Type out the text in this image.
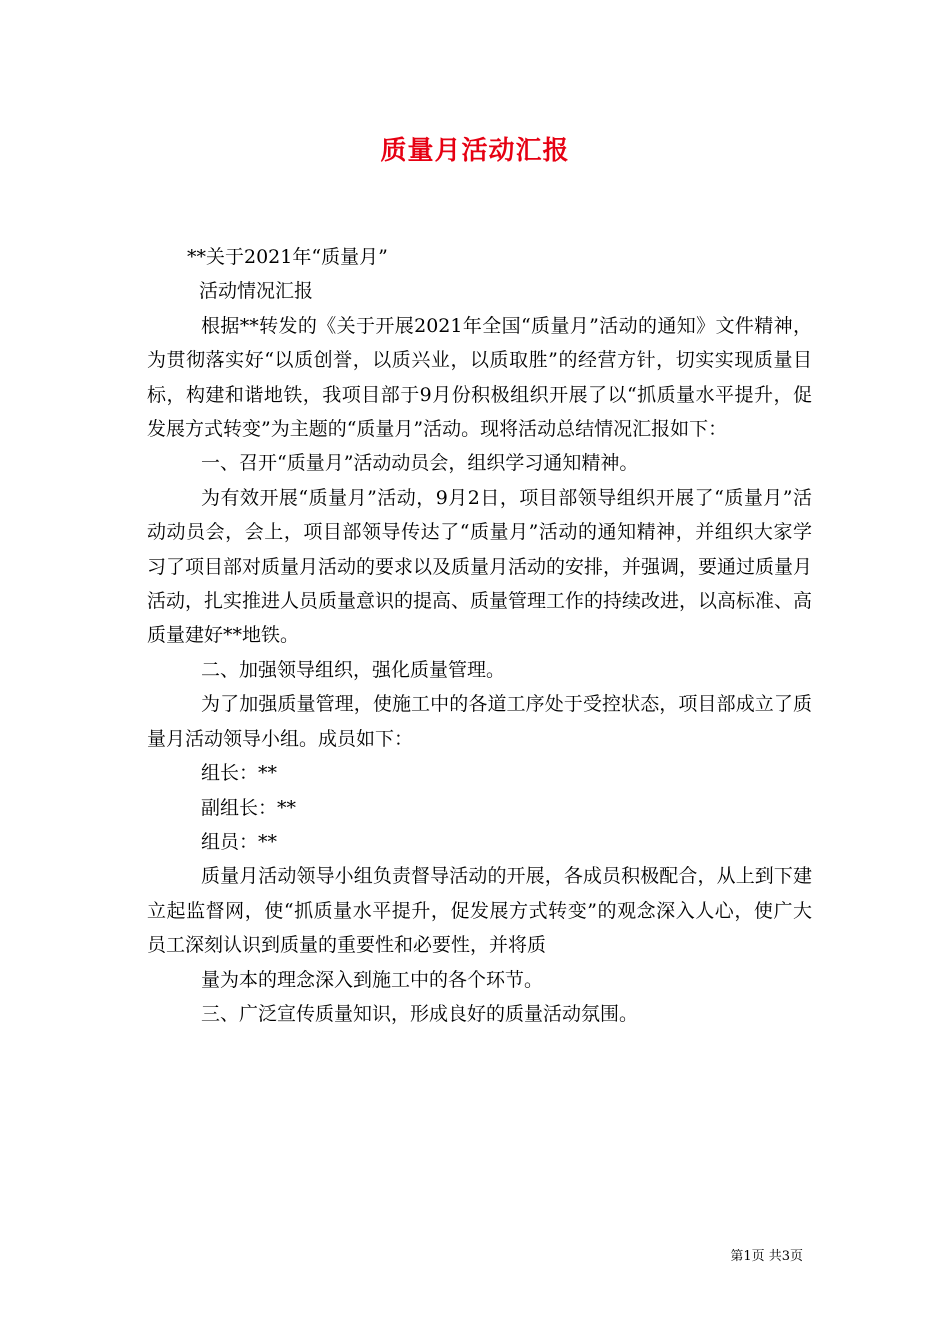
质量月活动汇报

**关于2021年“质量月”

活动情况汇报

根据**转发的《关于开展2021年全国“质量月”活动的通知》文件精神，为贯彻落实好“以质创誉，以质兴业，以质取胜”的经营方针，切实实现质量目标，构建和谐地铁，我项目部于9月份积极组织开展了以“抓质量水平提升，促发展方式转变”为主题的“质量月”活动。现将活动总结情况汇报如下：

一、召开“质量月”活动动员会，组织学习通知精神。

为有效开展“质量月”活动，9月2日，项目部领导组织开展了“质量月”活动动员会，会上，项目部领导传达了“质量月”活动的通知精神，并组织大家学习了项目部对质量月活动的要求以及质量月活动的安排，并强调，要通过质量月活动，扎实推进人员质量意识的提高、质量管理工作的持续改进，以高标准、高质量建好**地铁。

二、加强领导组织，强化质量管理。

为了加强质量管理，使施工中的各道工序处于受控状态，项目部成立了质量月活动领导小组。成员如下：

组长：**

副组长：**

组员：**

质量月活动领导小组负责督导活动的开展，各成员积极配合，从上到下建立起监督网，使“抓质量水平提升，促发展方式转变”的观念深入人心，使广大员工深刻认识到质量的重要性和必要性，并将质

量为本的理念深入到施工中的各个环节。

三、广泛宣传质量知识，形成良好的质量活动氛围。

第1页 共3页
